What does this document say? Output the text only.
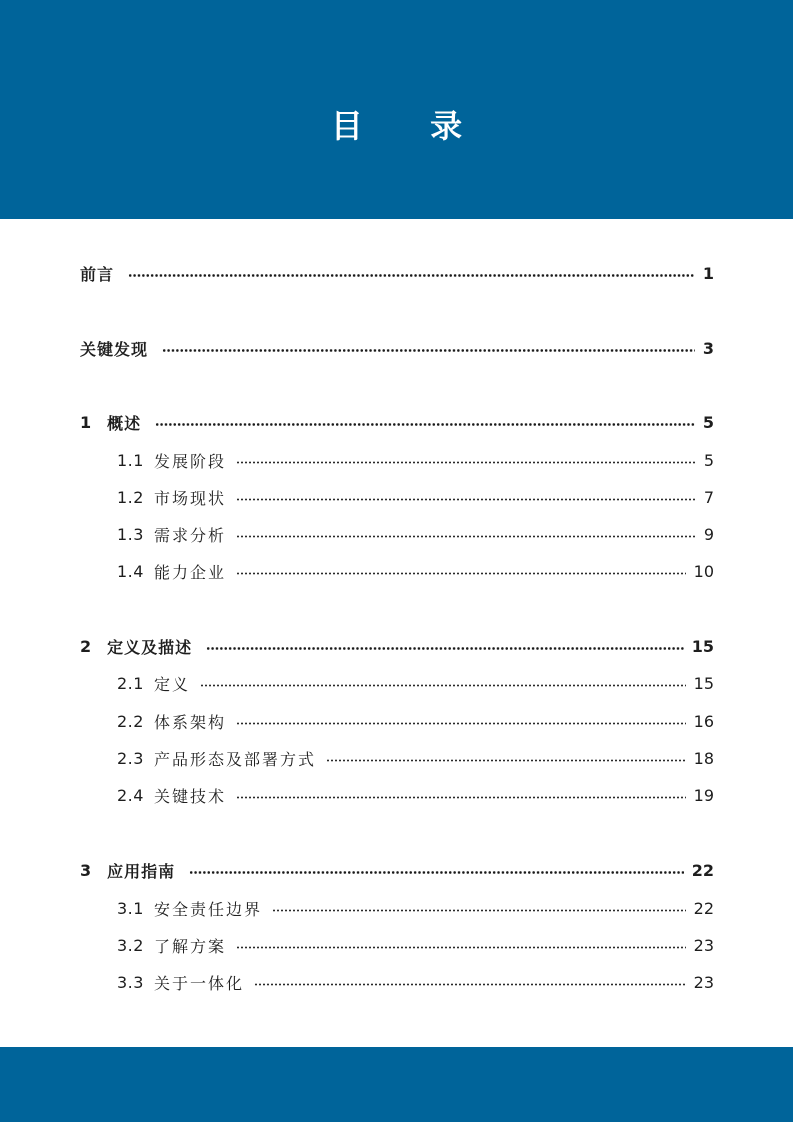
目 录
前言	1
关键发现	3
1 概述	5
1.1 发展阶段	5
1.2 市场现状	7
1.3 需求分析	9
1.4 能力企业	10
2 定义及描述	15
2.1 定义	15
2.2 体系架构	16
2.3 产品形态及部署方式	18
2.4 关键技术	19
3 应用指南	22
3.1 安全责任边界	22
3.2 了解方案	23
3.3 关于一体化	23
